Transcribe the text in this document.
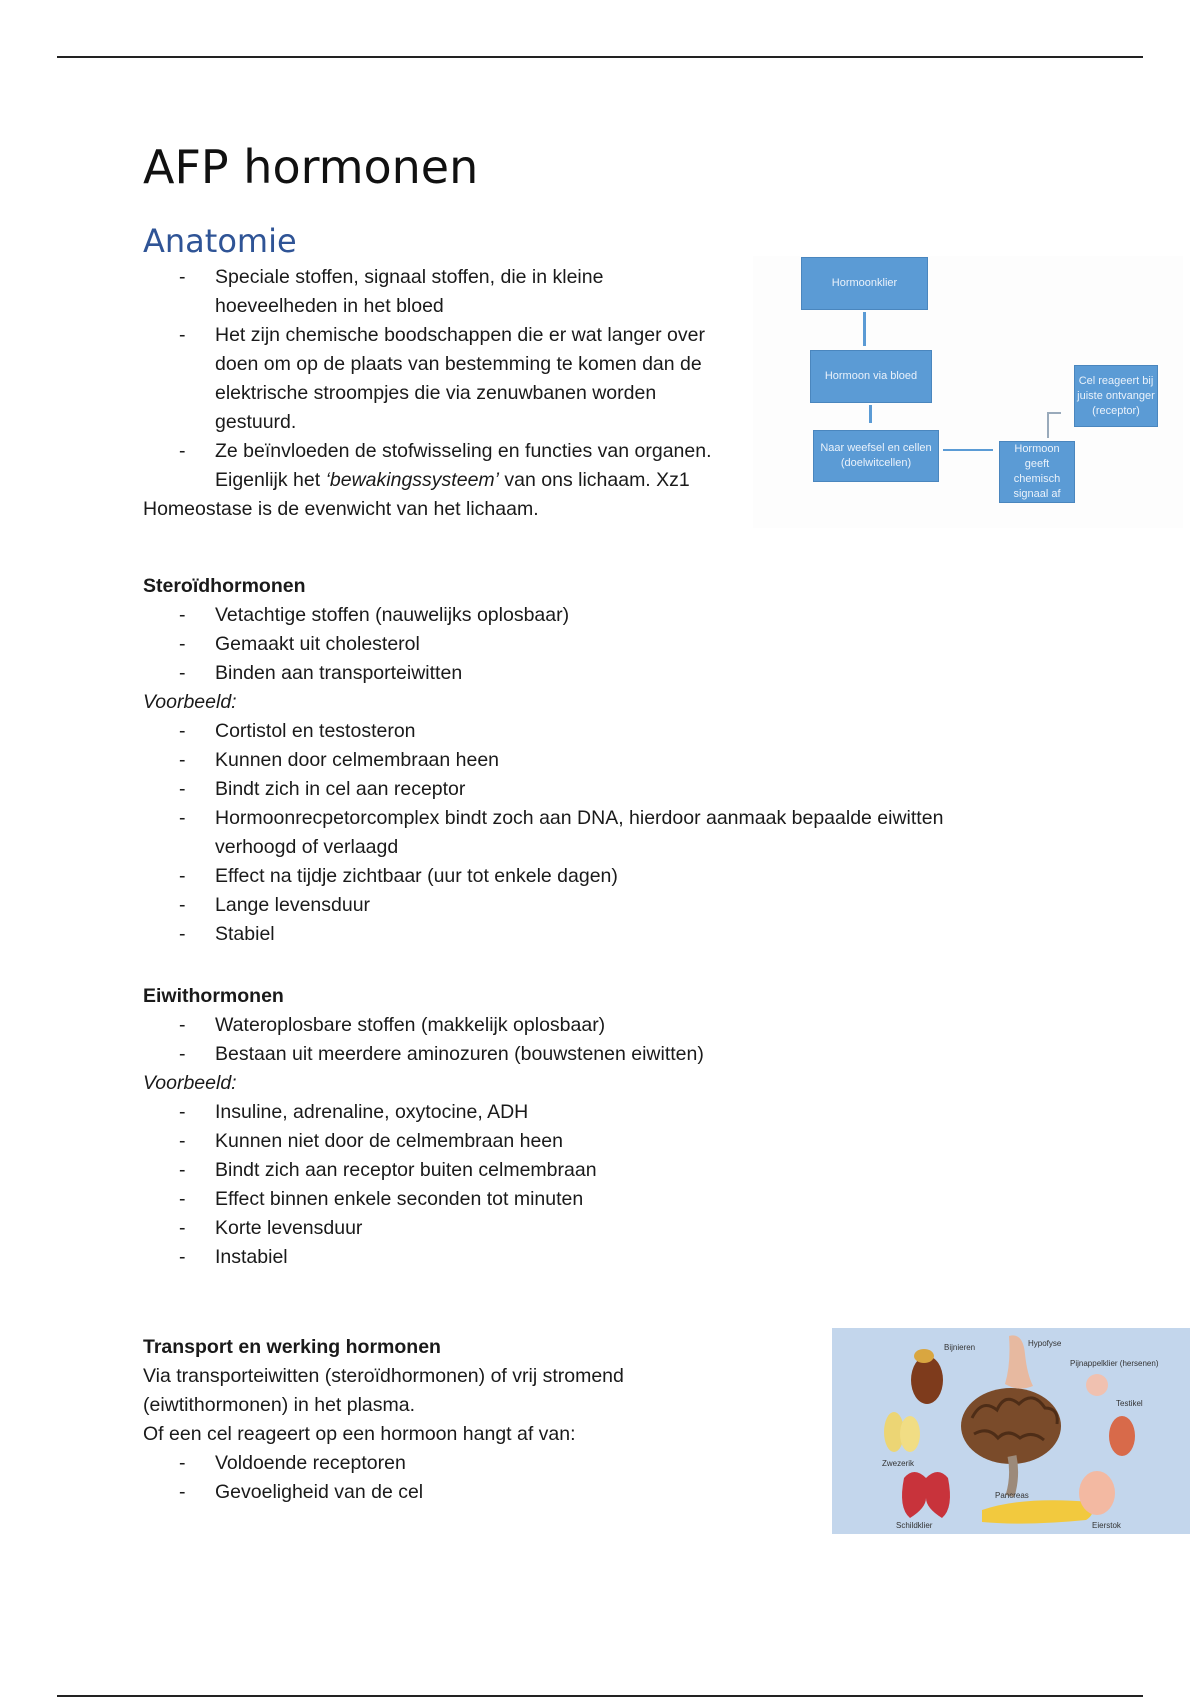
AFP hormonen
Anatomie
- Speciale stoffen, signaal stoffen, die in kleine
hoeveelheden in het bloed
- Het zijn chemische boodschappen die er wat langer over
doen om op de plaats van bestemming te komen dan de
elektrische stroompjes die via zenuwbanen worden
gestuurd.
- Ze beïnvloeden de stofwisseling en functies van organen.
Eigenlijk het ‘bewakingssysteem’ van ons lichaam. Xz1

Homeostase is de evenwicht van het lichaam.

Hormoonklier
Hormoon via bloed
Naar weefsel en cellen (doelwitcellen)
Hormoon geeft chemisch signaal af
Cel reageert bij juiste ontvanger (receptor)

Steroïdhormonen

- Vetachtige stoffen (nauwelijks oplosbaar)
- Gemaakt uit cholesterol
- Binden aan transporteiwitten

Voorbeeld:

- Cortistol en testosteron
- Kunnen door celmembraan heen
- Bindt zich in cel aan receptor
- Hormoonrecpetorcomplex bindt zoch aan DNA, hierdoor aanmaak bepaalde eiwitten
verhoogd of verlaagd
- Effect na tijdje zichtbaar (uur tot enkele dagen)
- Lange levensduur
- Stabiel

Eiwithormonen

- Wateroplosbare stoffen (makkelijk oplosbaar)
- Bestaan uit meerdere aminozuren (bouwstenen eiwitten)

Voorbeeld:

- Insuline, adrenaline, oxytocine, ADH
- Kunnen niet door de celmembraan heen
- Bindt zich aan receptor buiten celmembraan
- Effect binnen enkele seconden tot minuten
- Korte levensduur
- Instabiel

Transport en werking hormonen

Via transporteiwitten (steroïdhormonen) of vrij stromend

(eiwtithormonen) in het plasma.

Of een cel reageert op een hormoon hangt af van:

- Voldoende receptoren
- Gevoeligheid van de cel
Bijnieren	Hypofyse
Pijnappelklier (hersenen)
Testikel
Zwezerik
Pancreas
Schildklier	Eierstok
